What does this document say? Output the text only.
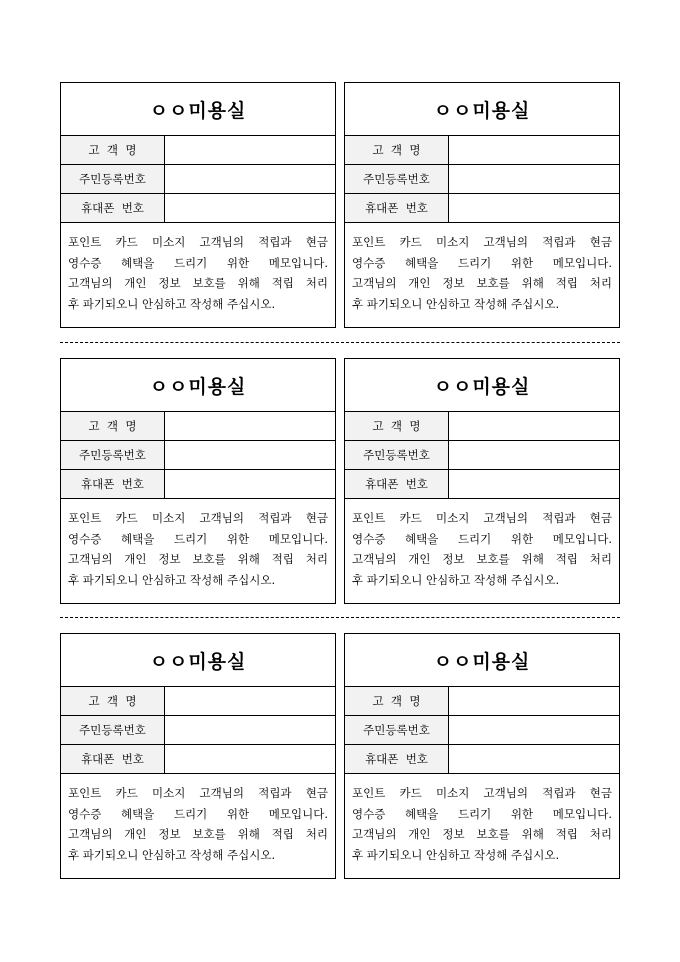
ㅇㅇ미용실
고  객  명
주민등록번호
휴대폰  번호
포인트 카드 미소지 고객님의 적립과 현금
영수증 혜택을 드리기 위한 메모입니다.
고객님의 개인 정보 보호를 위해 적립 처리
후 파기되오니 안심하고 작성해 주십시오.
ㅇㅇ미용실
고  객  명
주민등록번호
휴대폰  번호
포인트 카드 미소지 고객님의 적립과 현금
영수증 혜택을 드리기 위한 메모입니다.
고객님의 개인 정보 보호를 위해 적립 처리
후 파기되오니 안심하고 작성해 주십시오.
ㅇㅇ미용실
고  객  명
주민등록번호
휴대폰  번호
포인트 카드 미소지 고객님의 적립과 현금
영수증 혜택을 드리기 위한 메모입니다.
고객님의 개인 정보 보호를 위해 적립 처리
후 파기되오니 안심하고 작성해 주십시오.
ㅇㅇ미용실
고  객  명
주민등록번호
휴대폰  번호
포인트 카드 미소지 고객님의 적립과 현금
영수증 혜택을 드리기 위한 메모입니다.
고객님의 개인 정보 보호를 위해 적립 처리
후 파기되오니 안심하고 작성해 주십시오.
ㅇㅇ미용실
고  객  명
주민등록번호
휴대폰  번호
포인트 카드 미소지 고객님의 적립과 현금
영수증 혜택을 드리기 위한 메모입니다.
고객님의 개인 정보 보호를 위해 적립 처리
후 파기되오니 안심하고 작성해 주십시오.
ㅇㅇ미용실
고  객  명
주민등록번호
휴대폰  번호
포인트 카드 미소지 고객님의 적립과 현금
영수증 혜택을 드리기 위한 메모입니다.
고객님의 개인 정보 보호를 위해 적립 처리
후 파기되오니 안심하고 작성해 주십시오.
